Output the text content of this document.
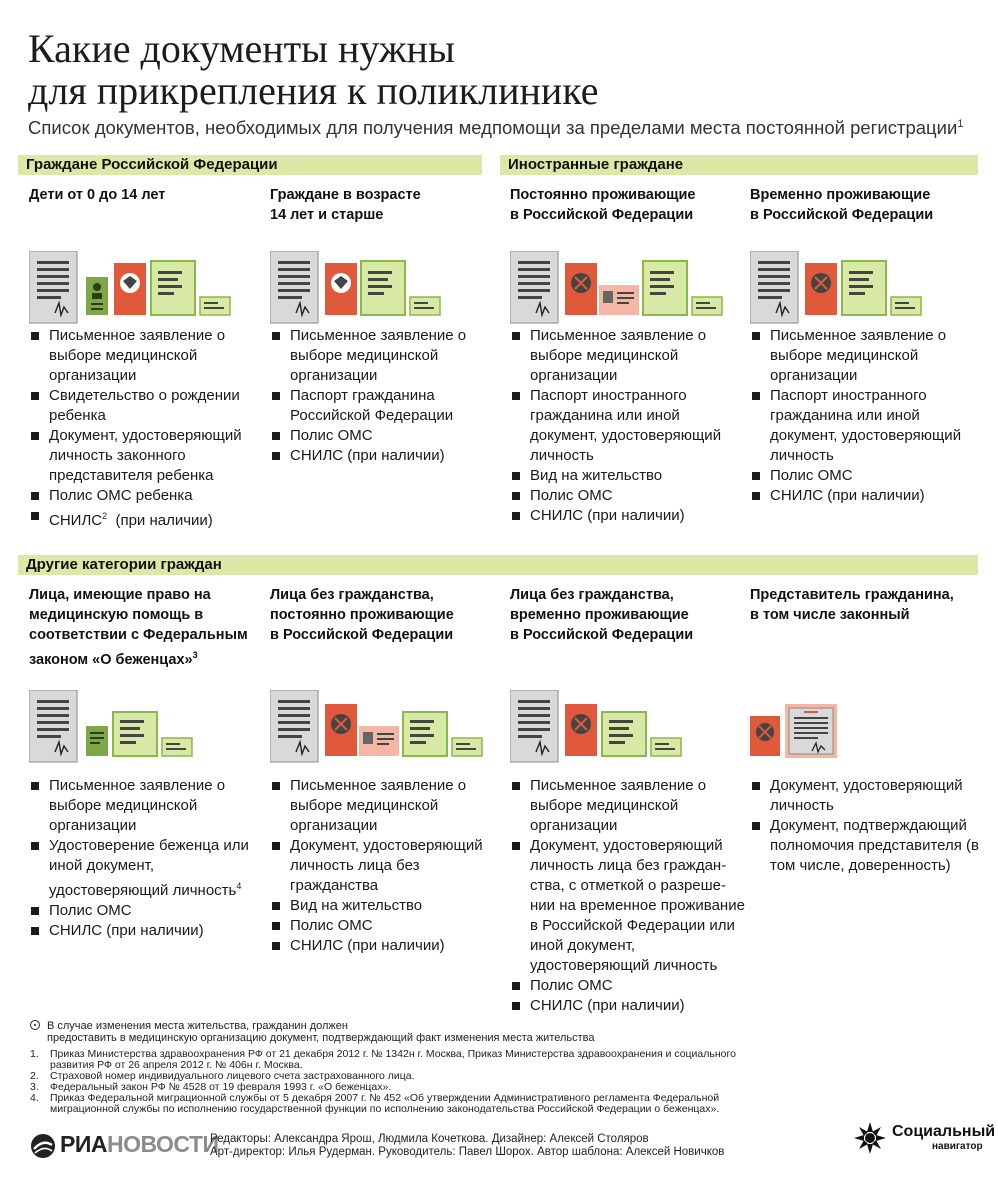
Какие документы нужны
для прикрепления к поликлинике
Список документов, необходимых для получения медпомощи за пределами места постоянной регистрации$^1$
Граждане Российской Федерации	Иностранные граждане
Другие категории граждан
Дети от 0 до 14 лет
Письменное заявление о выборе медицинской организации
Свидетельство о рождении ребенка
Документ, удостоверяющий личность законного представителя ребенка
Полис ОМС ребенка
СНИЛС$^2$  (при наличии)
Граждане в возрасте
14 лет и старше
Письменное заявление о выборе медицинской организации
Паспорт гражданина Российской Федерации
Полис ОМС
СНИЛС (при наличии)
Постоянно проживающие
в Российской Федерации
Письменное заявление о выборе медицинской организации
Паспорт иностранного гражданина или иной документ, удостоверяющий личность
Вид на жительство
Полис ОМС
СНИЛС (при наличии)
Временно проживающие
в Российской Федерации
Письменное заявление о выборе медицинской организации
Паспорт иностранного гражданина или иной документ, удостоверяющий личность
Полис ОМС
СНИЛС (при наличии)
Лица, имеющие право на медицинскую помощь в соответствии с Федеральным законом «О беженцах»$^3$
Письменное заявление о выборе медицинской организации
Удостоверение беженца или иной документ, удостоверяющий личность$^4$
Полис ОМС
СНИЛС (при наличии)
Лица без гражданства,
постоянно проживающие
в Российской Федерации
Письменное заявление о выборе медицинской организации
Документ, удостоверяющий личность лица без гражданства
Вид на жительство
Полис ОМС
СНИЛС (при наличии)
Лица без гражданства,
временно проживающие
в Российской Федерации
Письменное заявление о выборе медицинской организации
Документ, удостоверяющий личность лица без гражданства, с отметкой о разрешении на временное проживание в Российской Федерации или иной документ, удостоверяющий личность
Полис ОМС
СНИЛС (при наличии)
Представитель гражданина,
в том числе законный
Документ, удостоверяющий личность
Документ, подтверждающий полномочия представителя (в том числе, доверенность)

В случае изменения места жительства, гражданин должен

предоставить в медицинскую организацию документ, подтверждающий факт изменения места жительства

1. Приказ Министерства здравоохранения РФ от 21 декабря 2012 г. № 1342н г. Москва, Приказ Министерства здравоохранения и социального развития РФ от 26 апреля 2012 г. № 406н г. Москва.
2. Страховой номер индивидуального лицевого счета застрахованного лица.
3. Федеральный закон РФ № 4528 от 19 февраля 1993 г. «О беженцах».
4. Приказ Федеральной миграционной службы от 5 декабря 2007 г. № 452 «Об утверждении Административного регламента Федеральной миграционной службы по исполнению государственной функции по исполнению законодательства Российской Федерации о беженцах».
РИАНОВОСТИ
Редакторы: Александра Ярош, Людмила Кочеткова. Дизайнер: Алексей Столяров
Арт-директор: Илья Рудерман. Руководитель: Павел Шорох. Автор шаблона: Алексей Новичков
Социальный
навигатор
